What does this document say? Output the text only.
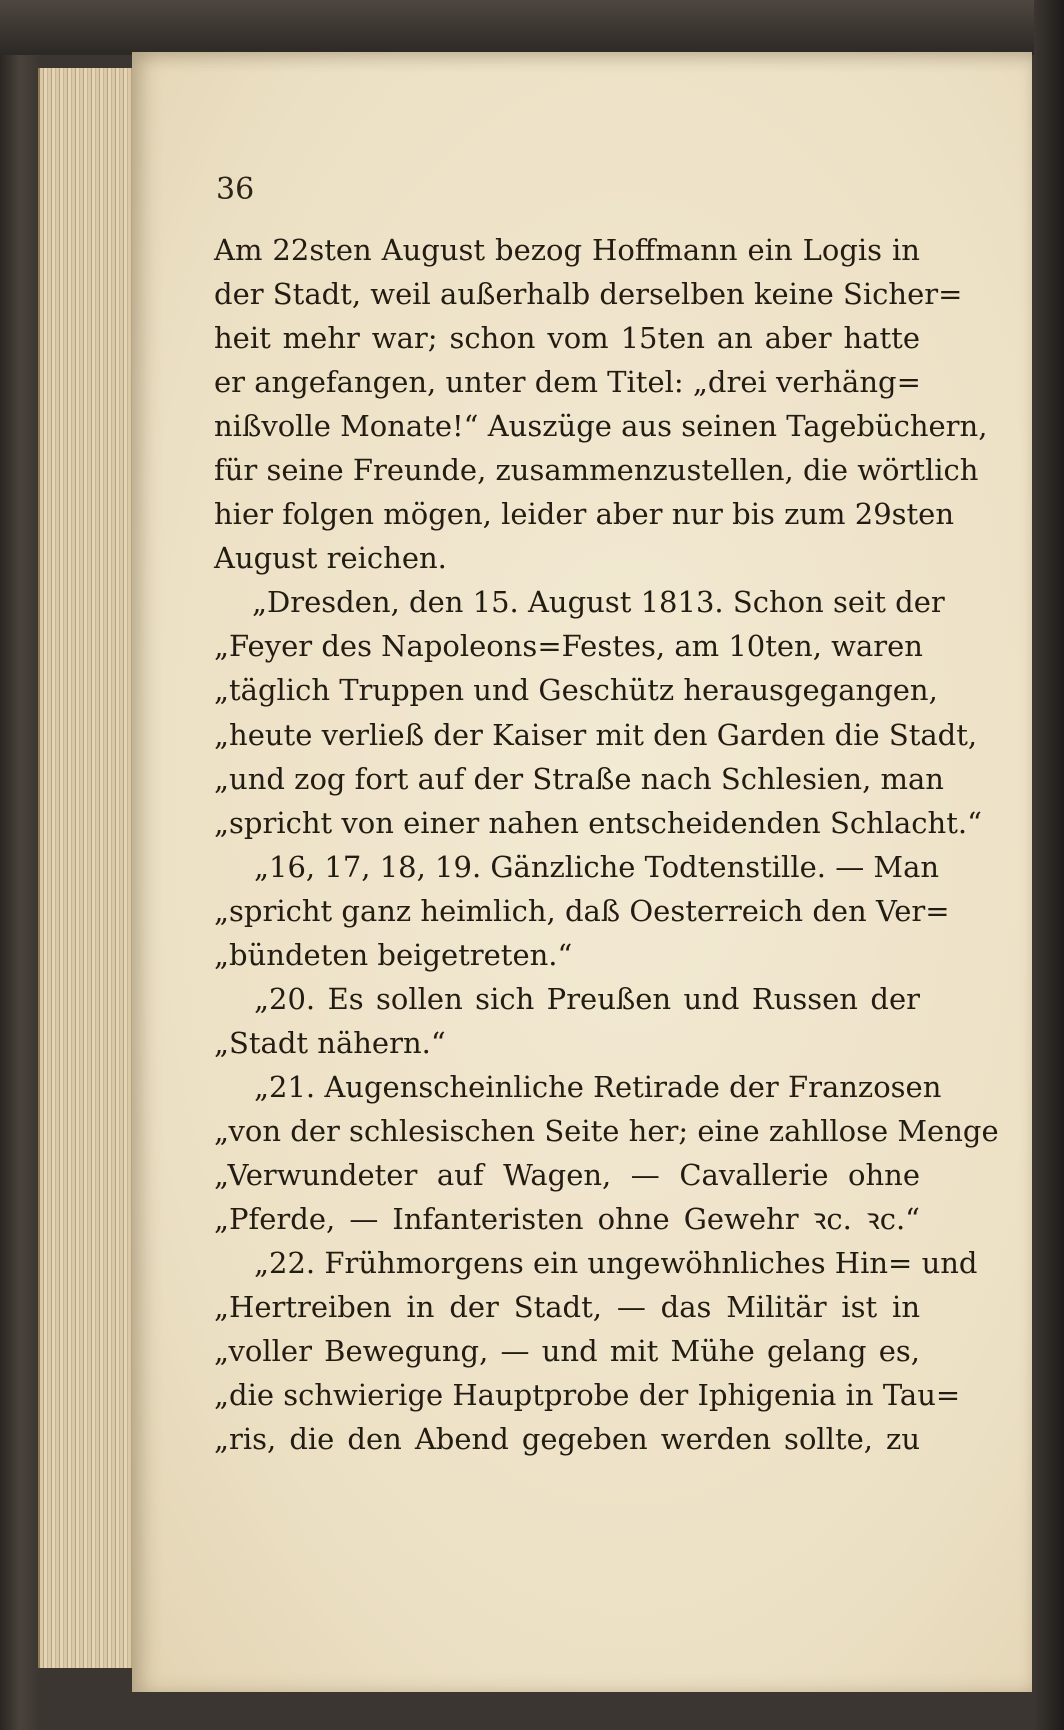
36

Am 22sten August bezog Hoffmann ein Logis in
der Stadt, weil außerhalb derselben keine Sicher=
heit mehr war; schon vom 15ten an aber hatte
er angefangen, unter dem Titel: „drei verhäng=
nißvolle Monate!“ Auszüge aus seinen Tagebüchern,
für seine Freunde, zusammenzustellen, die wörtlich
hier folgen mögen, leider aber nur bis zum 29sten
August reichen.
„Dresden, den 15. August 1813. Schon seit der
„Feyer des Napoleons=Festes, am 10ten, waren
„täglich Truppen und Geschütz herausgegangen,
„heute verließ der Kaiser mit den Garden die Stadt,
„und zog fort auf der Straße nach Schlesien, man
„spricht von einer nahen entscheidenden Schlacht.“
„16, 17, 18, 19. Gänzliche Todtenstille. — Man
„spricht ganz heimlich, daß Oesterreich den Ver=
„bündeten beigetreten.“
„20. Es sollen sich Preußen und Russen der
„Stadt nähern.“
„21. Augenscheinliche Retirade der Franzosen
„von der schlesischen Seite her; eine zahllose Menge
„Verwundeter auf Wagen, — Cavallerie ohne
„Pferde, — Infanteristen ohne Gewehr ꝛc. ꝛc.“
„22. Frühmorgens ein ungewöhnliches Hin= und
„Hertreiben in der Stadt, — das Militär ist in
„voller Bewegung, — und mit Mühe gelang es,
„die schwierige Hauptprobe der Iphigenia in Tau=
„ris, die den Abend gegeben werden sollte, zu
